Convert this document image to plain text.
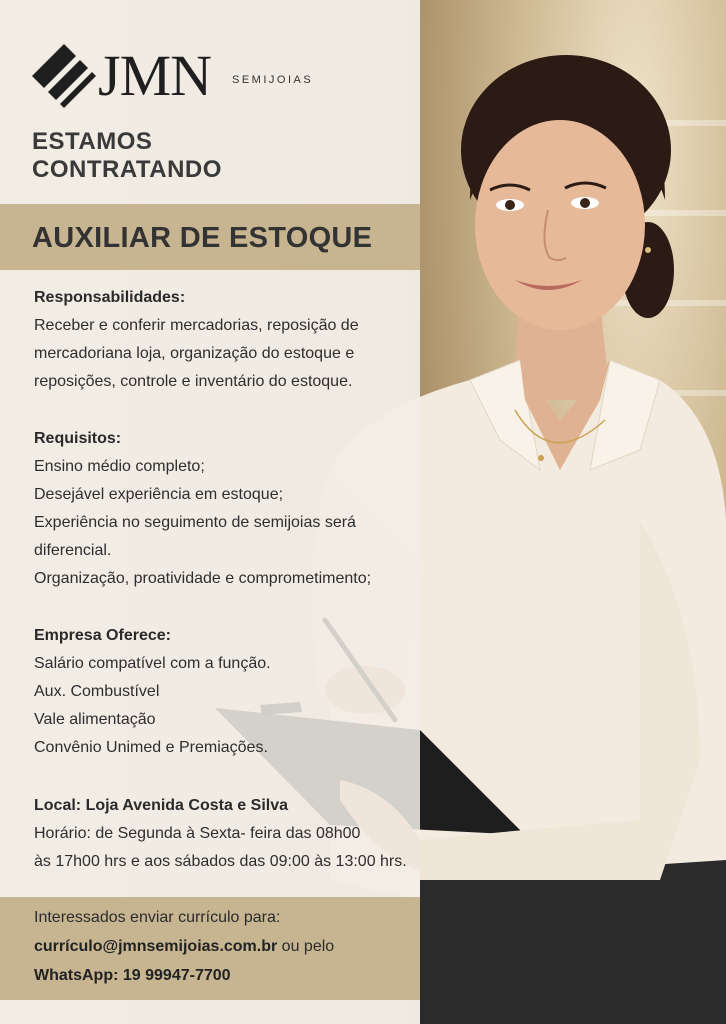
JMN SEMIJOIAS
ESTAMOS
CONTRATANDO
AUXILIAR DE ESTOQUE
Responsabilidades:
Receber e conferir mercadorias, reposição de
mercadoriana loja, organização do estoque e
reposições, controle e inventário do estoque.
Requisitos:
Ensino médio completo;
Desejável experiência em estoque;
Experiência no seguimento de semijoias será
diferencial.
Organização, proatividade e comprometimento;
Empresa Oferece:
Salário compatível com a função.
Aux. Combustível
Vale alimentação
Convênio Unimed e Premiações.
Local: Loja Avenida Costa e Silva
Horário: de Segunda à Sexta- feira das 08h00
às 17h00 hrs e aos sábados das 09:00 às 13:00 hrs.
Interessados enviar currículo para:
currículo@jmnsemijoias.com.br ou pelo
WhatsApp: 19 99947-7700
